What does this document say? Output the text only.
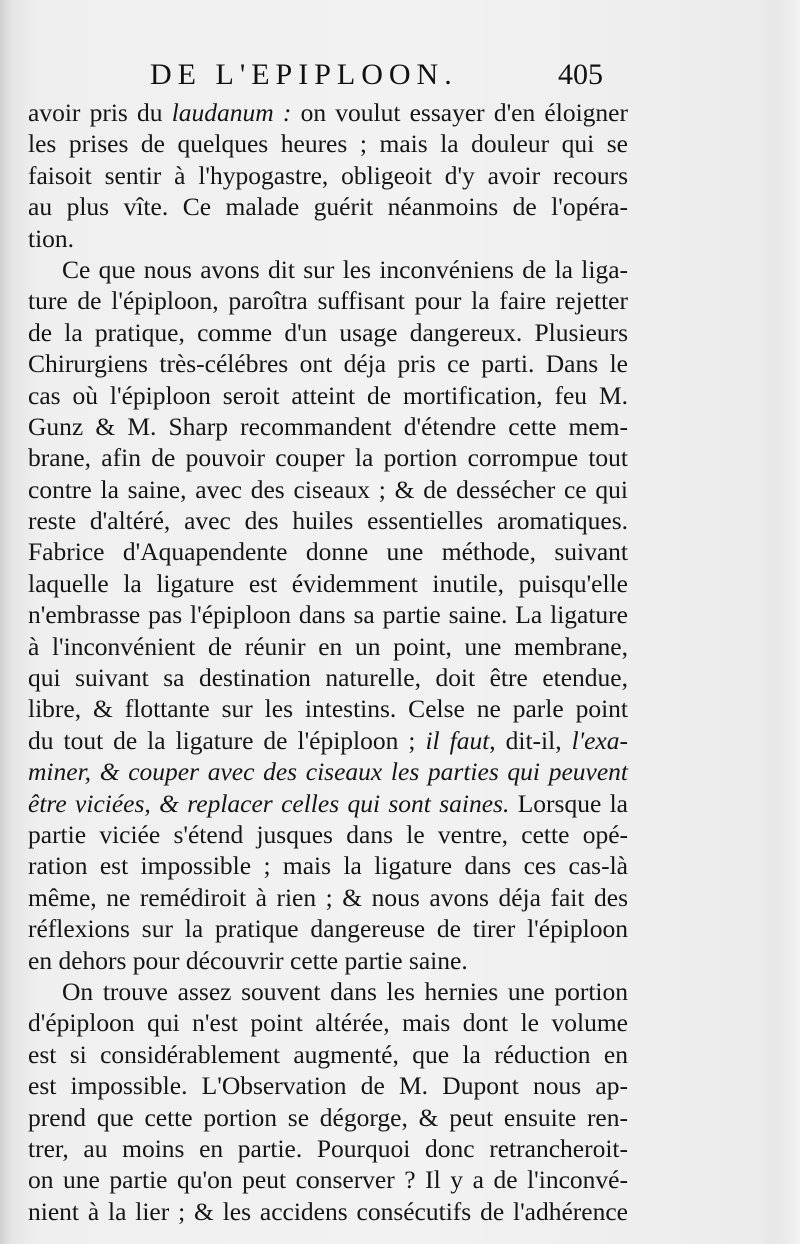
DE L'EPIPLOON.	405
avoir pris du laudanum : on voulut essayer d'en éloigner
les prises de quelques heures ; mais la douleur qui se
faisoit sentir à l'hypogastre, obligeoit d'y avoir recours
au plus vîte. Ce malade guérit néanmoins de l'opéra-
tion.
Ce que nous avons dit sur les inconvéniens de la liga-
ture de l'épiploon, paroîtra suffisant pour la faire rejetter
de la pratique, comme d'un usage dangereux. Plusieurs
Chirurgiens très-célébres ont déja pris ce parti. Dans le
cas où l'épiploon seroit atteint de mortification, feu M.
Gunz & M. Sharp recommandent d'étendre cette mem-
brane, afin de pouvoir couper la portion corrompue tout
contre la saine, avec des ciseaux ; & de dessécher ce qui
reste d'altéré, avec des huiles essentielles aromatiques.
Fabrice d'Aquapendente donne une méthode, suivant
laquelle la ligature est évidemment inutile, puisqu'elle
n'embrasse pas l'épiploon dans sa partie saine. La ligature
à l'inconvénient de réunir en un point, une membrane,
qui suivant sa destination naturelle, doit être etendue,
libre, & flottante sur les intestins. Celse ne parle point
du tout de la ligature de l'épiploon ; il faut, dit-il, l'exa-
miner, & couper avec des ciseaux les parties qui peuvent
être viciées, & replacer celles qui sont saines. Lorsque la
partie viciée s'étend jusques dans le ventre, cette opé-
ration est impossible ; mais la ligature dans ces cas-là
même, ne remédiroit à rien ; & nous avons déja fait des
réflexions sur la pratique dangereuse de tirer l'épiploon
en dehors pour découvrir cette partie saine.
On trouve assez souvent dans les hernies une portion
d'épiploon qui n'est point altérée, mais dont le volume
est si considérablement augmenté, que la réduction en
est impossible. L'Observation de M. Dupont nous ap-
prend que cette portion se dégorge, & peut ensuite ren-
trer, au moins en partie. Pourquoi donc retrancheroit-
on une partie qu'on peut conserver ? Il y a de l'inconvé-
nient à la lier ; & les accidens consécutifs de l'adhérence
